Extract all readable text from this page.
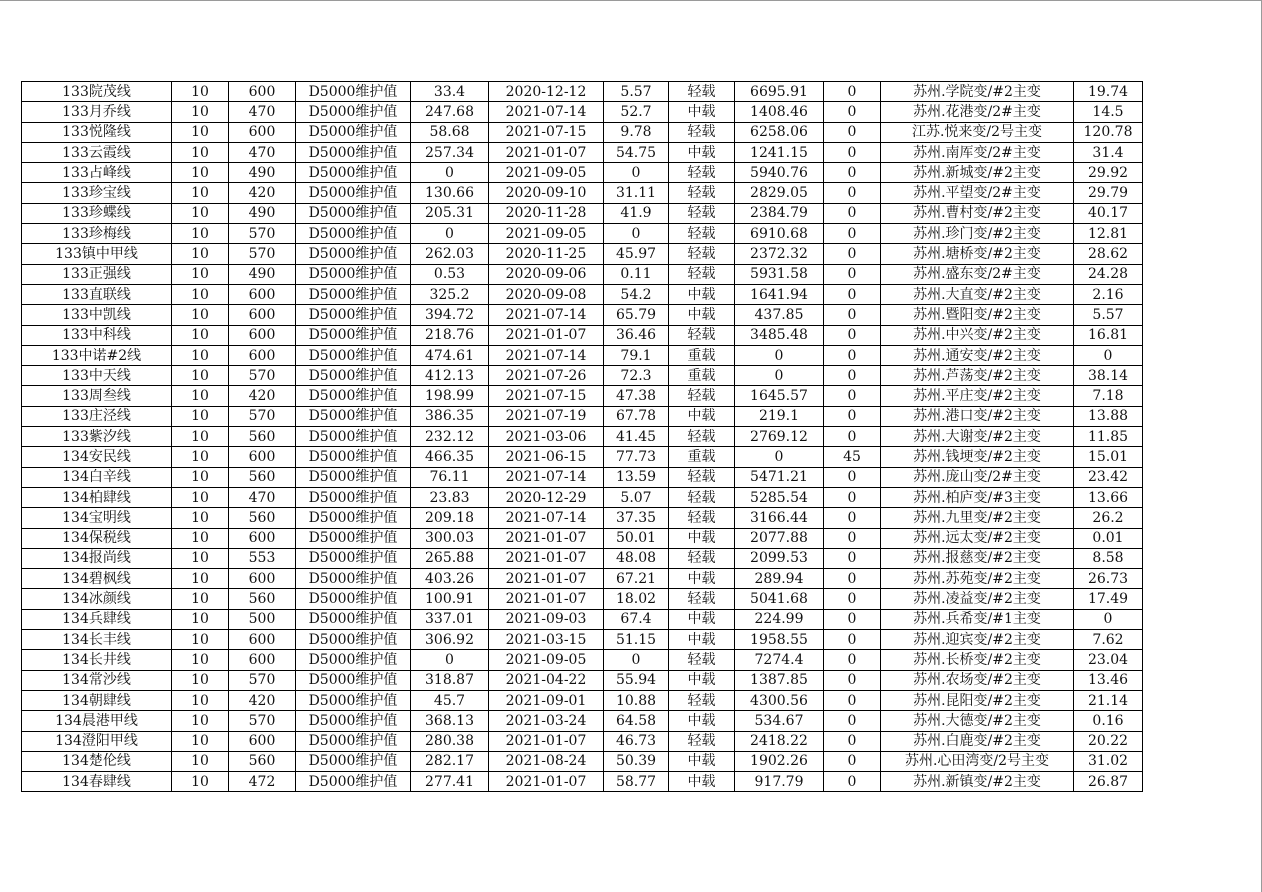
133院茂线	10	600	D5000维护值	33.4	2020-12-12	5.57	轻载	6695.91	0	苏州.学院变/#2主变	19.74
133月乔线	10	470	D5000维护值	247.68	2021-07-14	52.7	中载	1408.46	0	苏州.花港变/2#主变	14.5
133悦隆线	10	600	D5000维护值	58.68	2021-07-15	9.78	轻载	6258.06	0	江苏.悦来变/2号主变	120.78
133云霞线	10	470	D5000维护值	257.34	2021-01-07	54.75	中载	1241.15	0	苏州.南厍变/2#主变	31.4
133占峰线	10	490	D5000维护值	0	2021-09-05	0	轻载	5940.76	0	苏州.新城变/#2主变	29.92
133珍宝线	10	420	D5000维护值	130.66	2020-09-10	31.11	轻载	2829.05	0	苏州.平望变/2#主变	29.79
133珍蝶线	10	490	D5000维护值	205.31	2020-11-28	41.9	轻载	2384.79	0	苏州.曹村变/#2主变	40.17
133珍梅线	10	570	D5000维护值	0	2021-09-05	0	轻载	6910.68	0	苏州.珍门变/#2主变	12.81
133镇中甲线	10	570	D5000维护值	262.03	2020-11-25	45.97	轻载	2372.32	0	苏州.塘桥变/#2主变	28.62
133正强线	10	490	D5000维护值	0.53	2020-09-06	0.11	轻载	5931.58	0	苏州.盛东变/2#主变	24.28
133直联线	10	600	D5000维护值	325.2	2020-09-08	54.2	中载	1641.94	0	苏州.大直变/#2主变	2.16
133中凯线	10	600	D5000维护值	394.72	2021-07-14	65.79	中载	437.85	0	苏州.暨阳变/#2主变	5.57
133中科线	10	600	D5000维护值	218.76	2021-01-07	36.46	轻载	3485.48	0	苏州.中兴变/#2主变	16.81
133中诺#2线	10	600	D5000维护值	474.61	2021-07-14	79.1	重载	0	0	苏州.通安变/#2主变	0
133中天线	10	570	D5000维护值	412.13	2021-07-26	72.3	重载	0	0	苏州.芦荡变/#2主变	38.14
133周叁线	10	420	D5000维护值	198.99	2021-07-15	47.38	轻载	1645.57	0	苏州.平庄变/#2主变	7.18
133庄泾线	10	570	D5000维护值	386.35	2021-07-19	67.78	中载	219.1	0	苏州.港口变/#2主变	13.88
133紫汐线	10	560	D5000维护值	232.12	2021-03-06	41.45	轻载	2769.12	0	苏州.大谢变/#2主变	11.85
134安民线	10	600	D5000维护值	466.35	2021-06-15	77.73	重载	0	45	苏州.钱埂变/#2主变	15.01
134白辛线	10	560	D5000维护值	76.11	2021-07-14	13.59	轻载	5471.21	0	苏州.庞山变/2#主变	23.42
134柏肆线	10	470	D5000维护值	23.83	2020-12-29	5.07	轻载	5285.54	0	苏州.柏庐变/#3主变	13.66
134宝明线	10	560	D5000维护值	209.18	2021-07-14	37.35	轻载	3166.44	0	苏州.九里变/#2主变	26.2
134保税线	10	600	D5000维护值	300.03	2021-01-07	50.01	中载	2077.88	0	苏州.远太变/#2主变	0.01
134报尚线	10	553	D5000维护值	265.88	2021-01-07	48.08	轻载	2099.53	0	苏州.报慈变/#2主变	8.58
134碧枫线	10	600	D5000维护值	403.26	2021-01-07	67.21	中载	289.94	0	苏州.苏苑变/#2主变	26.73
134冰颜线	10	560	D5000维护值	100.91	2021-01-07	18.02	轻载	5041.68	0	苏州.凌益变/#2主变	17.49
134兵肆线	10	500	D5000维护值	337.01	2021-09-03	67.4	中载	224.99	0	苏州.兵希变/#1主变	0
134长丰线	10	600	D5000维护值	306.92	2021-03-15	51.15	中载	1958.55	0	苏州.迎宾变/#2主变	7.62
134长井线	10	600	D5000维护值	0	2021-09-05	0	轻载	7274.4	0	苏州.长桥变/#2主变	23.04
134常沙线	10	570	D5000维护值	318.87	2021-04-22	55.94	中载	1387.85	0	苏州.农场变/#2主变	13.46
134朝肆线	10	420	D5000维护值	45.7	2021-09-01	10.88	轻载	4300.56	0	苏州.昆阳变/#2主变	21.14
134晨港甲线	10	570	D5000维护值	368.13	2021-03-24	64.58	中载	534.67	0	苏州.大德变/#2主变	0.16
134澄阳甲线	10	600	D5000维护值	280.38	2021-01-07	46.73	轻载	2418.22	0	苏州.白鹿变/#2主变	20.22
134楚伦线	10	560	D5000维护值	282.17	2021-08-24	50.39	中载	1902.26	0	苏州.心田湾变/2号主变	31.02
134春肆线	10	472	D5000维护值	277.41	2021-01-07	58.77	中载	917.79	0	苏州.新镇变/#2主变	26.87
